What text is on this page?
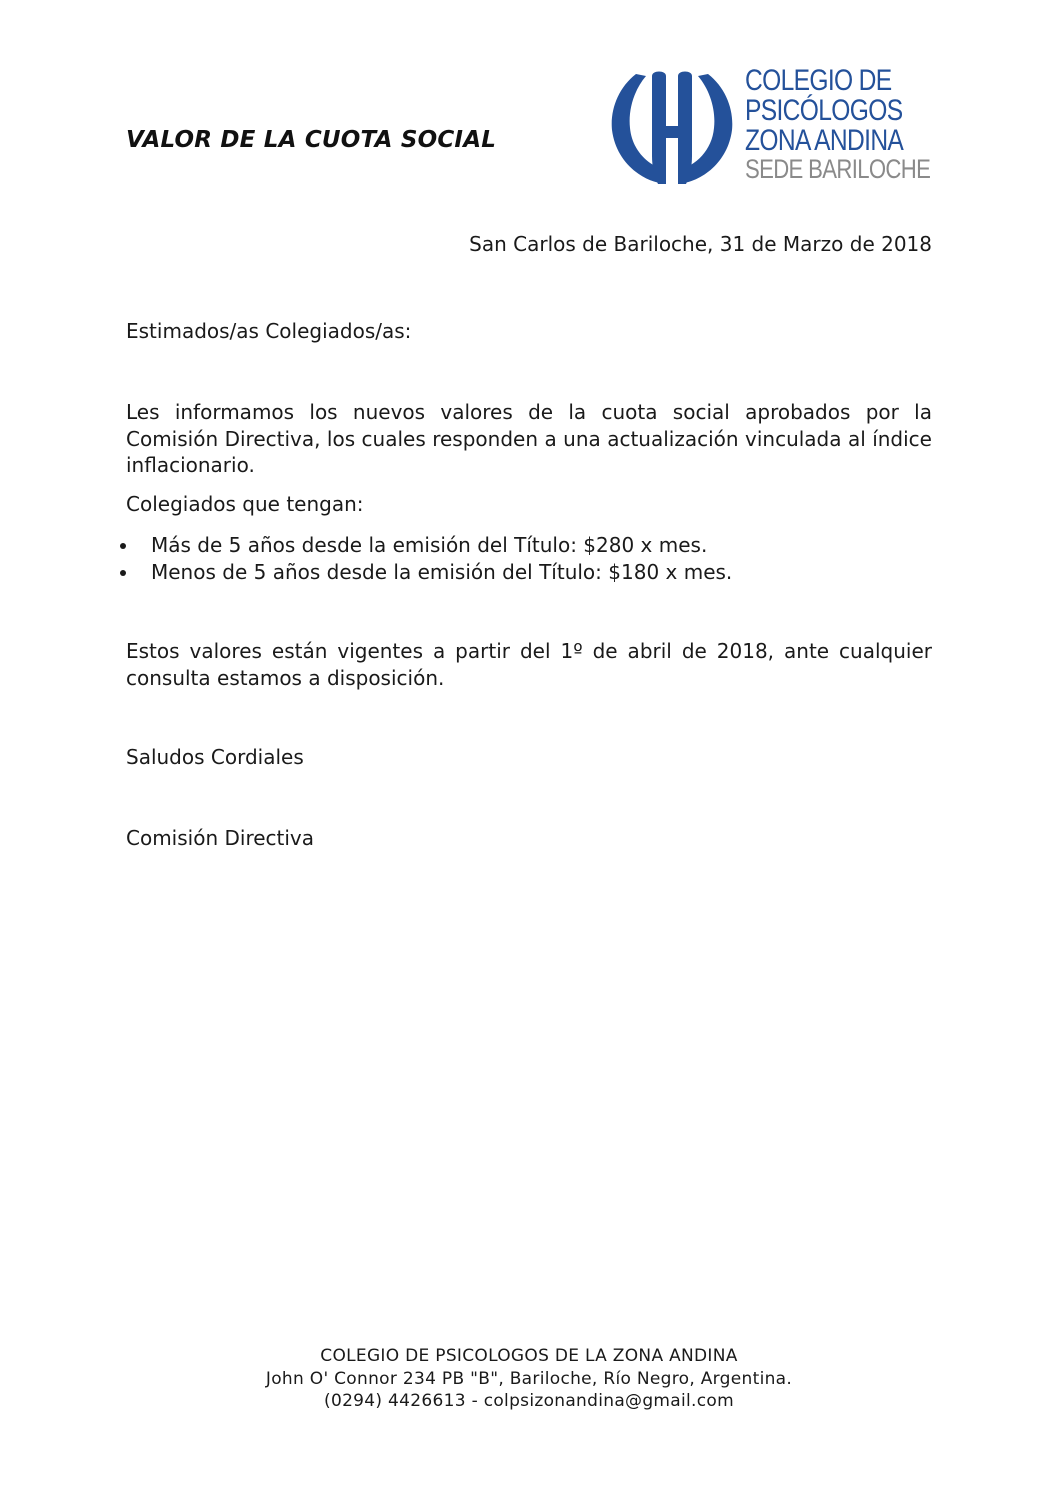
VALOR DE LA CUOTA SOCIAL
COLEGIO DE
PSICÓLOGOS
ZONA ANDINA
SEDE BARILOCHE
San Carlos de Bariloche, 31 de Marzo de 2018
Estimados/as Colegiados/as:
Les informamos los nuevos valores de la cuota social aprobados por la Comisión Directiva, los cuales responden a una actualización vinculada al índice inflacionario.
Colegiados que tengan:
Más de 5 años desde la emisión del Título: $280 x mes.
Menos de 5 años desde la emisión del Título: $180 x mes.
Estos valores están vigentes a partir del 1º de abril de 2018, ante cualquier consulta estamos a disposición.
Saludos Cordiales
Comisión Directiva
COLEGIO DE PSICOLOGOS DE LA ZONA ANDINA
John O' Connor 234 PB "B", Bariloche, Río Negro, Argentina.
(0294) 4426613 - colpsizonandina@gmail.com
